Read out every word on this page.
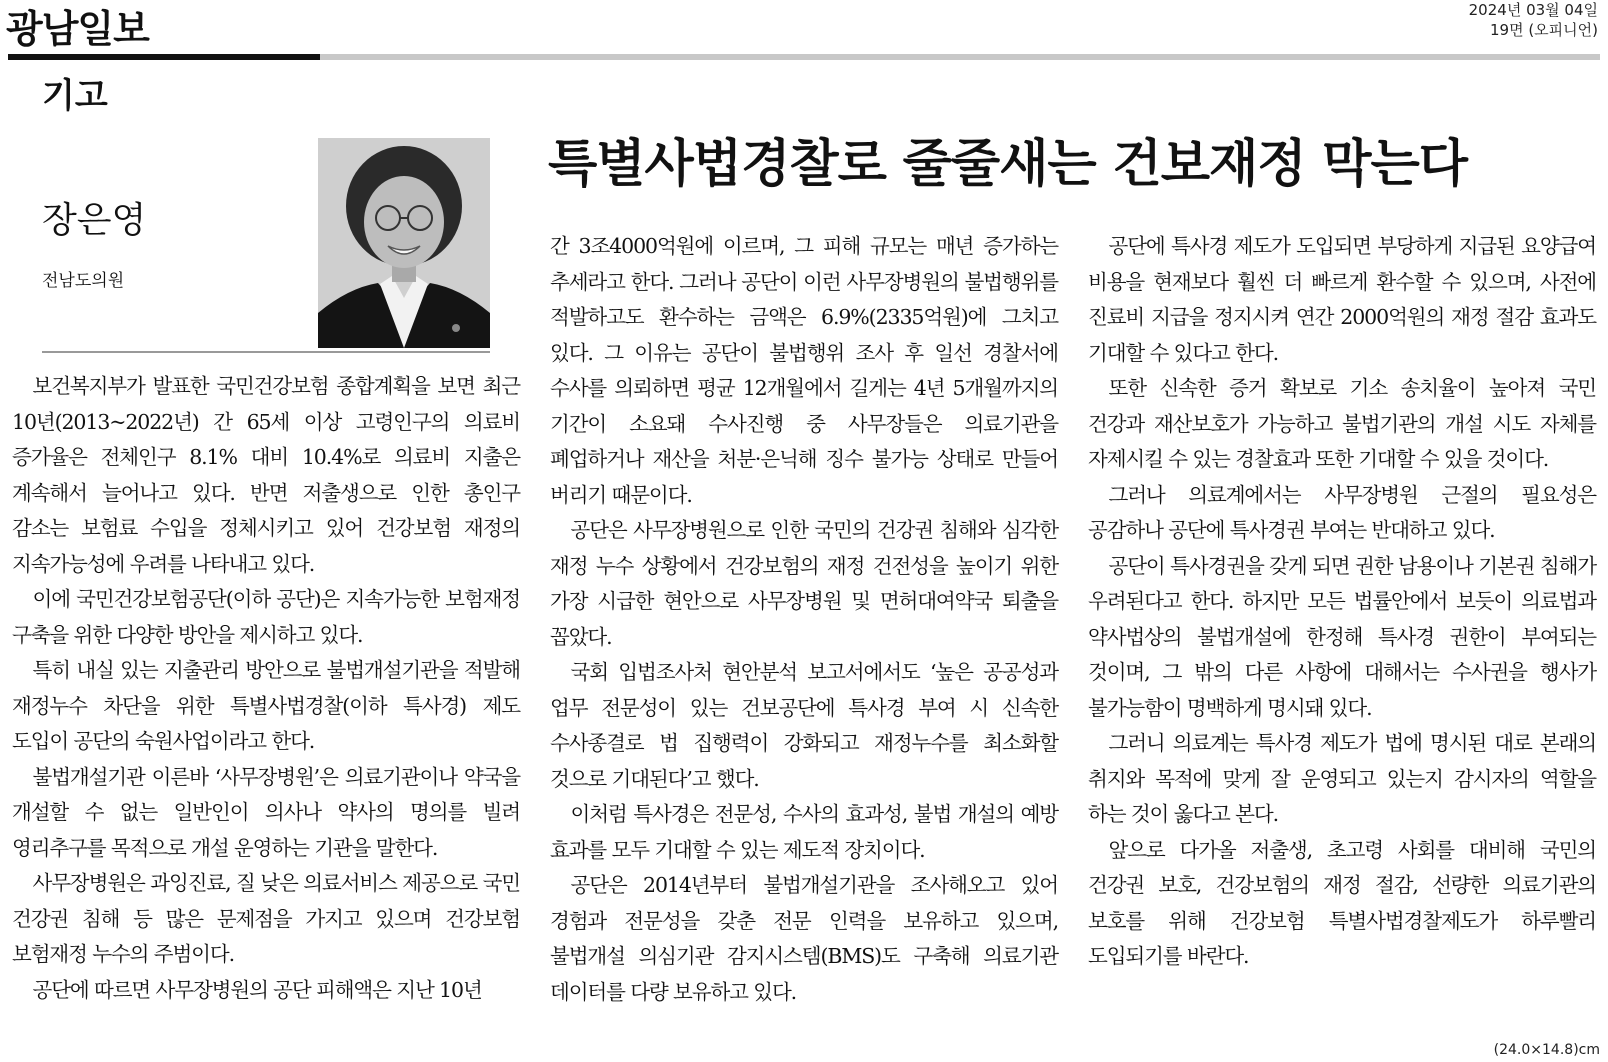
광남일보	2024년 03월 04일
19면 (오피니언)
기고
장은영
전남도의원
특별사법경찰로 줄줄새는 건보재정 막는다

보건복지부가 발표한 국민건강보험 종합계획을 보면 최근 10년(2013~2022년) 간 65세 이상 고령인구의 의료비 증가율은 전체인구 8.1% 대비 10.4%로 의료비 지출은 계속해서 늘어나고 있다. 반면 저출생으로 인한 총인구 감소는 보험료 수입을 정체시키고 있어 건강보험 재정의 지속가능성에 우려를 나타내고 있다.

이에 국민건강보험공단(이하 공단)은 지속가능한 보험재정 구축을 위한 다양한 방안을 제시하고 있다.

특히 내실 있는 지출관리 방안으로 불법개설기관을 적발해 재정누수 차단을 위한 특별사법경찰(이하 특사경) 제도 도입이 공단의 숙원사업이라고 한다.

불법개설기관 이른바 ‘사무장병원’은 의료기관이나 약국을 개설할 수 없는 일반인이 의사나 약사의 명의를 빌려 영리추구를 목적으로 개설 운영하는 기관을 말한다.

사무장병원은 과잉진료, 질 낮은 의료서비스 제공으로 국민 건강권 침해 등 많은 문제점을 가지고 있으며 건강보험 보험재정 누수의 주범이다.

공단에 따르면 사무장병원의 공단 피해액은 지난 10년

간 3조4000억원에 이르며, 그 피해 규모는 매년 증가하는 추세라고 한다. 그러나 공단이 이런 사무장병원의 불법행위를 적발하고도 환수하는 금액은 6.9%(2335억원)에 그치고 있다. 그 이유는 공단이 불법행위 조사 후 일선 경찰서에 수사를 의뢰하면 평균 12개월에서 길게는 4년 5개월까지의 기간이 소요돼 수사진행 중 사무장들은 의료기관을 폐업하거나 재산을 처분·은닉해 징수 불가능 상태로 만들어 버리기 때문이다.

공단은 사무장병원으로 인한 국민의 건강권 침해와 심각한 재정 누수 상황에서 건강보험의 재정 건전성을 높이기 위한 가장 시급한 현안으로 사무장병원 및 면허대여약국 퇴출을 꼽았다.

국회 입법조사처 현안분석 보고서에서도 ‘높은 공공성과 업무 전문성이 있는 건보공단에 특사경 부여 시 신속한 수사종결로 법 집행력이 강화되고 재정누수를 최소화할 것으로 기대된다’고 했다.

이처럼 특사경은 전문성, 수사의 효과성, 불법 개설의 예방 효과를 모두 기대할 수 있는 제도적 장치이다.

공단은 2014년부터 불법개설기관을 조사해오고 있어 경험과 전문성을 갖춘 전문 인력을 보유하고 있으며, 불법개설 의심기관 감지시스템(BMS)도 구축해 의료기관 데이터를 다량 보유하고 있다.

공단에 특사경 제도가 도입되면 부당하게 지급된 요양급여 비용을 현재보다 훨씬 더 빠르게 환수할 수 있으며, 사전에 진료비 지급을 정지시켜 연간 2000억원의 재정 절감 효과도 기대할 수 있다고 한다.

또한 신속한 증거 확보로 기소 송치율이 높아져 국민 건강과 재산보호가 가능하고 불법기관의 개설 시도 자체를 자제시킬 수 있는 경찰효과 또한 기대할 수 있을 것이다.

그러나 의료계에서는 사무장병원 근절의 필요성은 공감하나 공단에 특사경권 부여는 반대하고 있다.

공단이 특사경권을 갖게 되면 권한 남용이나 기본권 침해가 우려된다고 한다. 하지만 모든 법률안에서 보듯이 의료법과 약사법상의 불법개설에 한정해 특사경 권한이 부여되는 것이며, 그 밖의 다른 사항에 대해서는 수사권을 행사가 불가능함이 명백하게 명시돼 있다.

그러니 의료계는 특사경 제도가 법에 명시된 대로 본래의 취지와 목적에 맞게 잘 운영되고 있는지 감시자의 역할을 하는 것이 옳다고 본다.

앞으로 다가올 저출생, 초고령 사회를 대비해 국민의 건강권 보호, 건강보험의 재정 절감, 선량한 의료기관의 보호를 위해 건강보험 특별사법경찰제도가 하루빨리 도입되기를 바란다.

(24.0×14.8)cm
